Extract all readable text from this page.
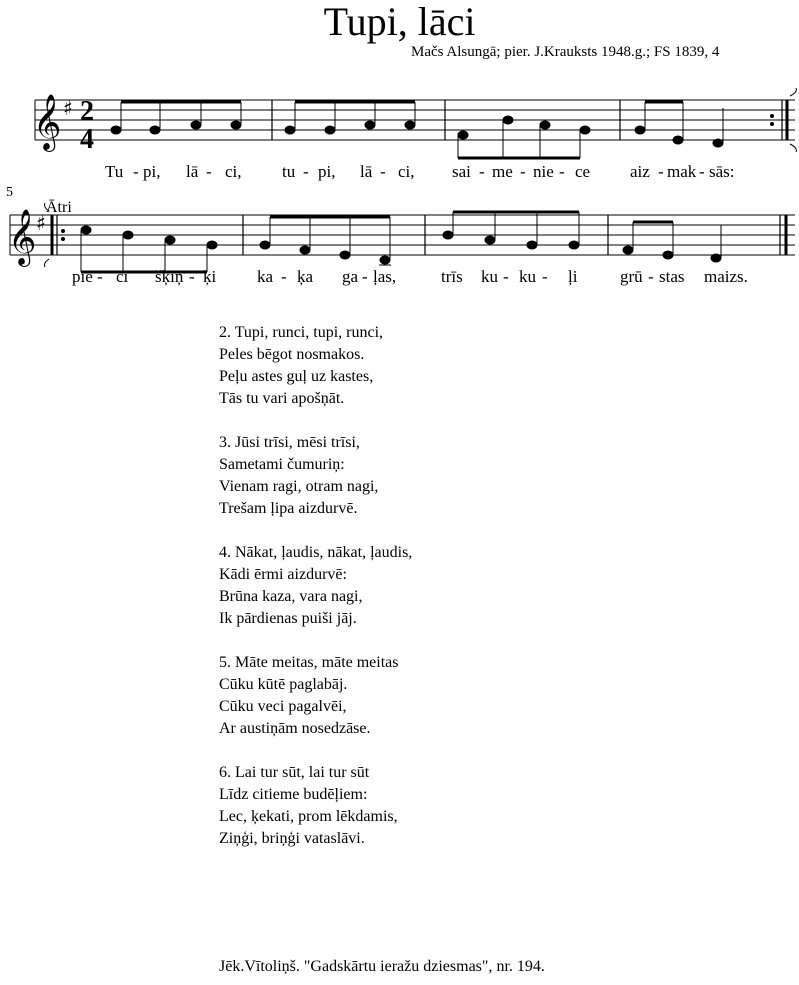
Tupi, lāci
Mačs Alsungā; pier. J.Krauksts 1948.g.; FS 1839, 4
𝄞 ♯ 2
4
5
Ātri
𝄞 ♯
Tu - pi, lā - ci, tu - pi, lā - ci, sai - me - nie - ce aiz - mak - sās:
pie - ci šķiņ - ķi ka - ķa ga - ļas,	trīs ku - ku - ļi	grū - stas maizs.
2. Tupi, runci, tupi, runci,
Peles bēgot nosmakos.
Peļu astes guļ uz kastes,
Tās tu vari apošņāt.
3. Jūsi trīsi, mēsi trīsi,
Sametami čumuriņ:
Vienam ragi, otram nagi,
Trešam ļipa aizdurvē.
4. Nākat, ļaudis, nākat, ļaudis,
Kādi ērmi aizdurvē:
Brūna kaza, vara nagi,
Ik pārdienas puiši jāj.
5. Māte meitas, māte meitas
Cūku kūtē paglabāj.
Cūku veci pagalvēi,
Ar austiņām nosedzāse.
6. Lai tur sūt, lai tur sūt
Līdz citieme budēļiem:
Lec, ķekati, prom lēkdamis,
Ziņģi, briņģi vataslāvi.
Jēk.Vītoliņš. "Gadskārtu ieražu dziesmas", nr. 194.
